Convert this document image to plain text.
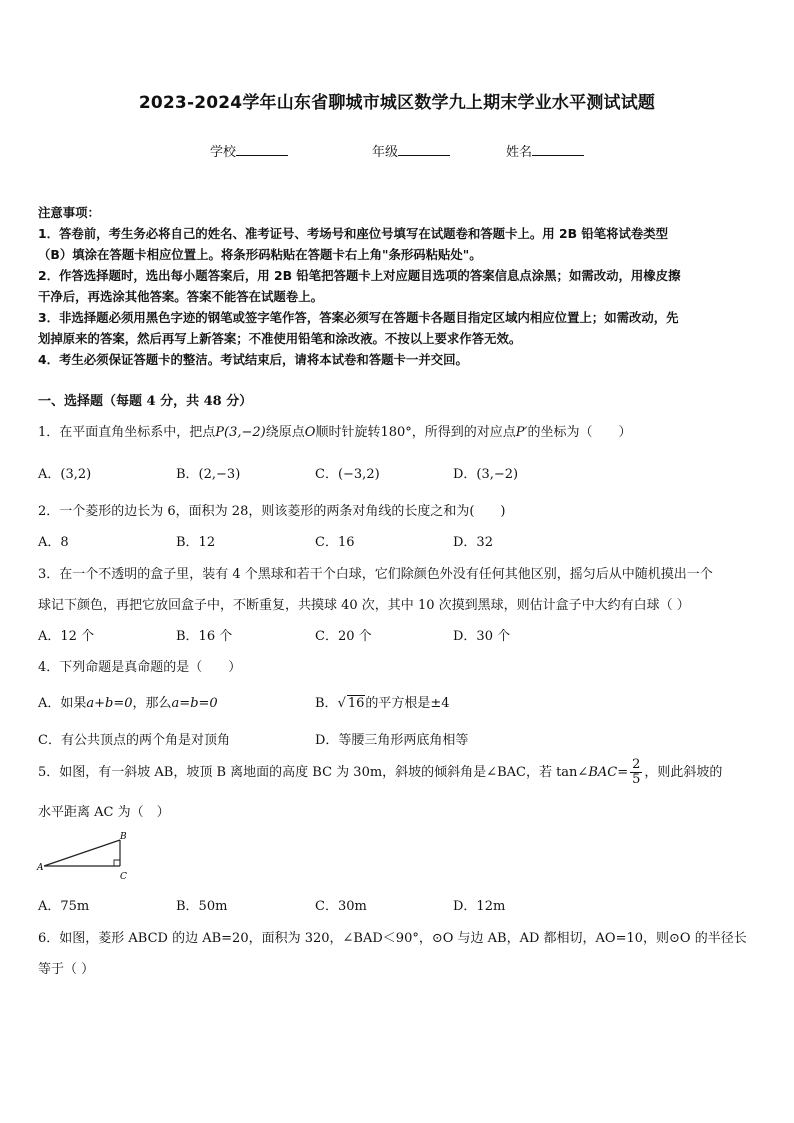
2023-2024学年山东省聊城市城区数学九上期末学业水平测试试题
学校	年级	姓名
注意事项：
1．答卷前，考生务必将自己的姓名、准考证号、考场号和座位号填写在试题卷和答题卡上。用 2B 铅笔将试卷类型
（B）填涂在答题卡相应位置上。将条形码粘贴在答题卡右上角"条形码粘贴处"。
2．作答选择题时，选出每小题答案后，用 2B 铅笔把答题卡上对应题目选项的答案信息点涂黑；如需改动，用橡皮擦
干净后，再选涂其他答案。答案不能答在试题卷上。
3．非选择题必须用黑色字迹的钢笔或签字笔作答，答案必须写在答题卡各题目指定区域内相应位置上；如需改动，先
划掉原来的答案，然后再写上新答案；不准使用铅笔和涂改液。不按以上要求作答无效。
4．考生必须保证答题卡的整洁。考试结束后，请将本试卷和答题卡一并交回。
一、选择题（每题 4 分，共 48 分）
1．在平面直角坐标系中，把点P(3,−2)绕原点O顺时针旋转180°，所得到的对应点P′的坐标为（　　）
A．(3,2)	B．(2,−3)	C．(−3,2)	D．(3,−2)
2．一个菱形的边长为 6，面积为 28，则该菱形的两条对角线的长度之和为(　　)
A．8	B．12	C．16	D．32
3．在一个不透明的盒子里，装有 4 个黑球和若干个白球，它们除颜色外没有任何其他区别，摇匀后从中随机摸出一个
球记下颜色，再把它放回盒子中，不断重复，共摸球 40 次，其中 10 次摸到黑球，则估计盒子中大约有白球（ ）
A．12 个	B．16 个	C．20 个	D．30 个
4．下列命题是真命题的是（　　）
A．如果a+b=0，那么a=b=0	B．√ 16的平方根是±4
C．有公共顶点的两个角是对顶角	D．等腰三角形两底角相等
5．如图，有一斜坡 AB，坡顶 B 离地面的高度 BC 为 30m，斜坡的倾斜角是∠BAC，若 tan∠BAC= $\frac{2}{5}$ ，则此斜坡的
水平距离 AC 为（　）
A
B
C
A．75m	B．50m	C．30m	D．12m
6．如图，菱形 ABCD 的边 AB=20，面积为 320，∠BAD＜90°，⊙O 与边 AB，AD 都相切，AO=10，则⊙O 的半径长
等于（ ）
